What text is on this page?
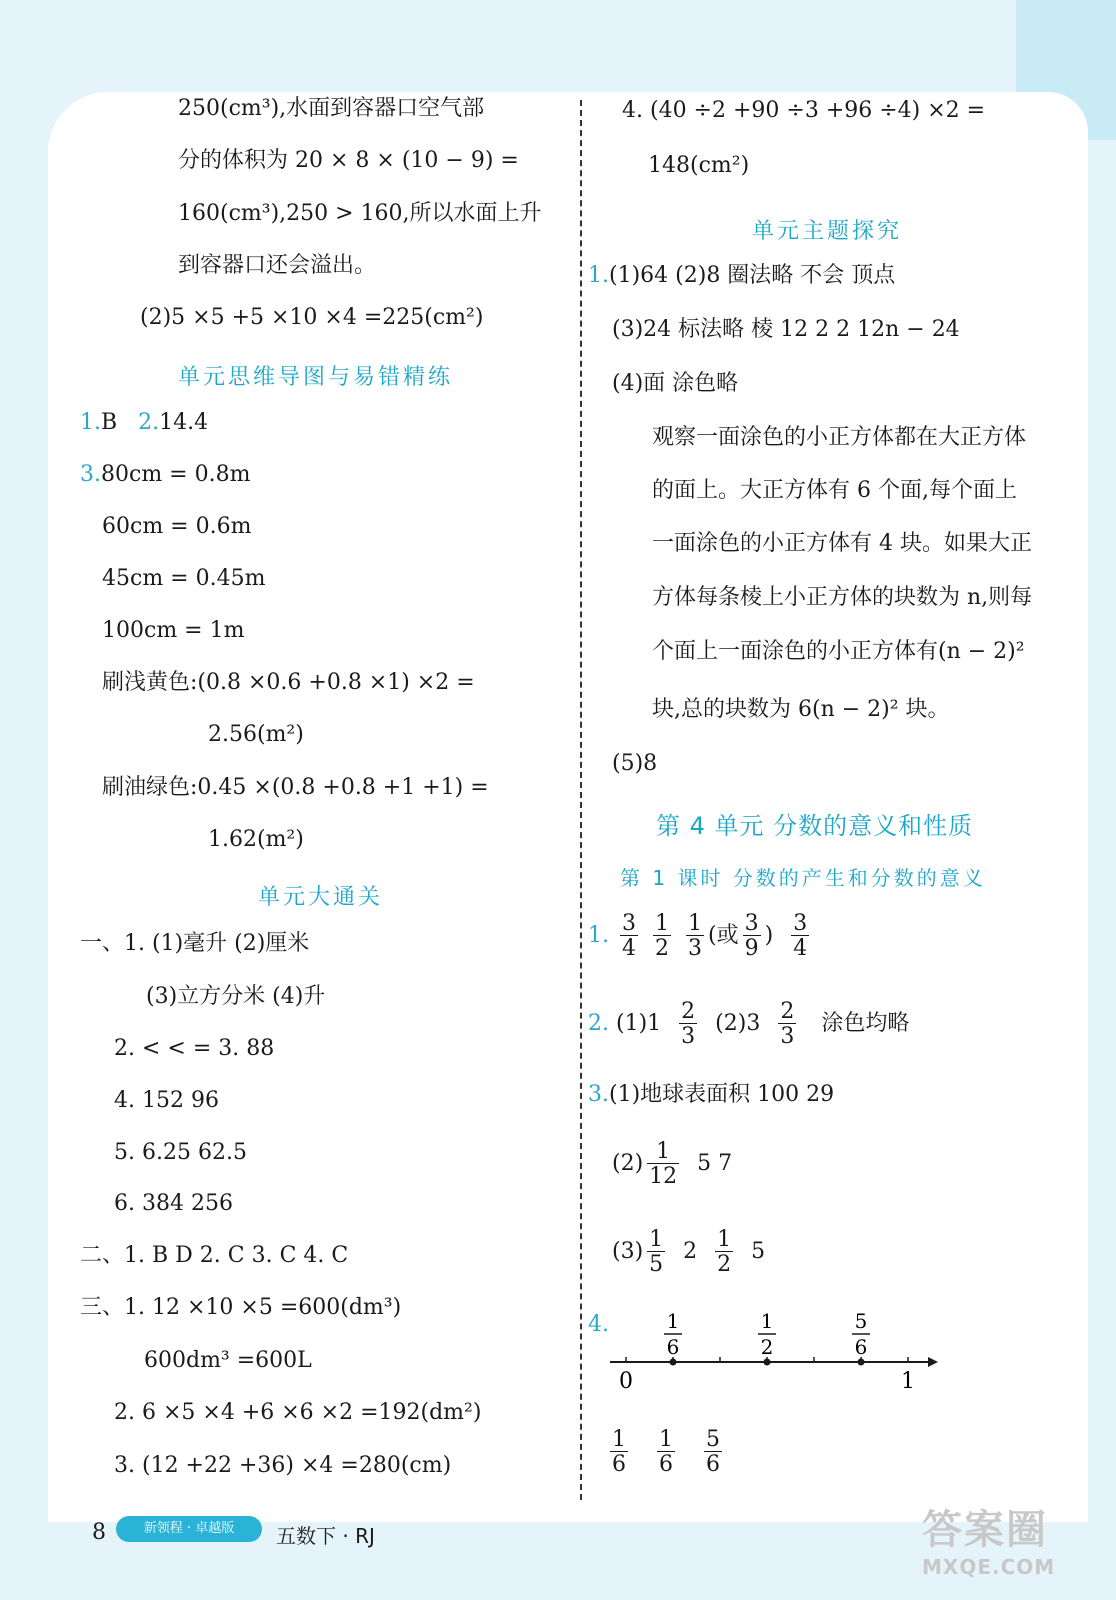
250(cm³),水面到容器口空气部
分的体积为 20 × 8 × (10 − 9) =
160(cm³),250 > 160,所以水面上升
到容器口还会溢出。
(2)5 ×5 +5 ×10 ×4 =225(cm²)
单元思维导图与易错精练
1.B 2.14.4
3.80cm = 0.8m
60cm = 0.6m
45cm = 0.45m
100cm = 1m
刷浅黄色:(0.8 ×0.6 +0.8 ×1) ×2 =
2.56(m²)
刷油绿色:0.45 ×(0.8 +0.8 +1 +1) =
1.62(m²)
单元大通关
一、1. (1)毫升 (2)厘米
(3)立方分米 (4)升
2. < < = 3. 88
4. 152 96
5. 6.25 62.5
6. 384 256
二、1. B D 2. C 3. C 4. C
三、1. 12 ×10 ×5 =600(dm³)
600dm³ =600L
2. 6 ×5 ×4 +6 ×6 ×2 =192(dm²)
3. (12 +22 +36) ×4 =280(cm)
4. (40 ÷2 +90 ÷3 +96 ÷4) ×2 =
148(cm²)
单元主题探究
1.(1)64 (2)8 圈法略 不会 顶点
(3)24 标法略 棱 12 2 2 12n − 24
(4)面 涂色略
观察一面涂色的小正方体都在大正方体
的面上。大正方体有 6 个面,每个面上
一面涂色的小正方体有 4 块。如果大正
方体每条棱上小正方体的块数为 n,则每
个面上一面涂色的小正方体有(n − 2)²
块,总的块数为 6(n − 2)² 块。
(5)8
第 4 单元 分数的意义和性质
第 1 课时 分数的产生和分数的意义
1. $\frac{3}{4}$
$\frac{1}{2}$
$\frac{1}{3}$ (或 $\frac{3}{9}$ ) $\frac{3}{4}$
2. $(1)1 \frac{2}{3} (2)3 \frac{2}{3}$ 涂色均略
3.(1)地球表面积 100 29
$(2) \frac{1}{12} 5$ 7
$(3) \frac{1}{5} 2 \frac{1}{2} 5$
4.
0	1
1
6
1
2
5
6
$\frac{1}{6}$
$\frac{1}{6}$
$\frac{5}{6}$
8	新领程 · 卓越版	五数下 · RJ	答案圈
MXQE.COM
